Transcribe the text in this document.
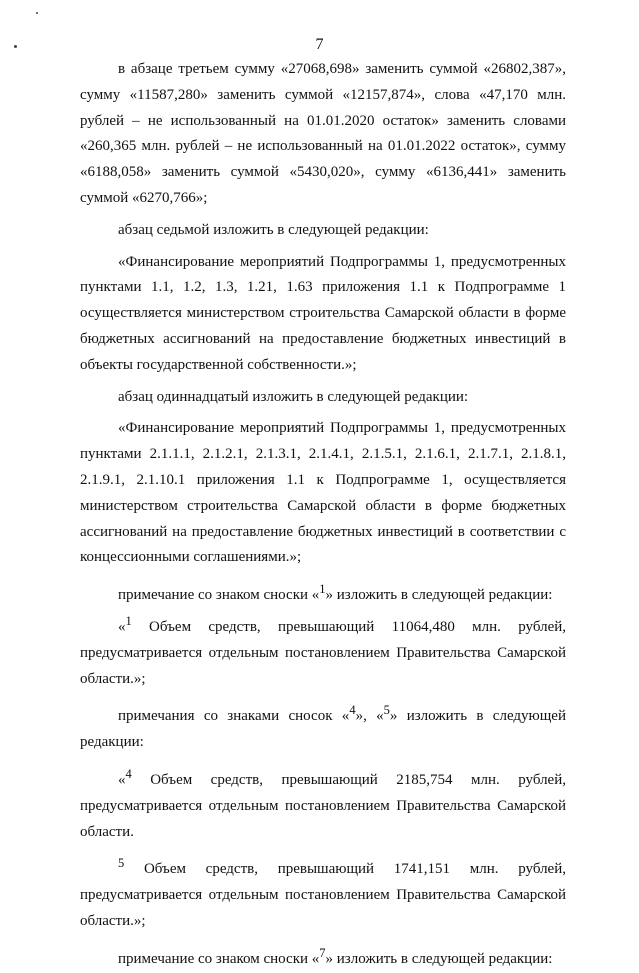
7

в абзаце третьем сумму «27068,698» заменить суммой «26802,387», сумму «11587,280» заменить суммой «12157,874», слова «47,170 млн. рублей – не использованный на 01.01.2020 остаток» заменить словами «260,365 млн. рублей – не использованный на 01.01.2022 остаток», сумму «6188,058» заменить суммой «5430,020», сумму «6136,441» заменить суммой «6270,766»;

абзац седьмой изложить в следующей редакции:

«Финансирование мероприятий Подпрограммы 1, предусмотренных пунктами 1.1, 1.2, 1.3, 1.21, 1.63 приложения 1.1 к Подпрограмме 1 осуществляется министерством строительства Самарской области в форме бюджетных ассигнований на предоставление бюджетных инвестиций в объекты государственной собственности.»;

абзац одиннадцатый изложить в следующей редакции:

«Финансирование мероприятий Подпрограммы 1, предусмотренных пунктами 2.1.1.1, 2.1.2.1, 2.1.3.1, 2.1.4.1, 2.1.5.1, 2.1.6.1, 2.1.7.1, 2.1.8.1, 2.1.9.1, 2.1.10.1 приложения 1.1 к Подпрограмме 1, осуществляется министерством строительства Самарской области в форме бюджетных ассигнований на предоставление бюджетных инвестиций в соответствии с концессионными соглашениями.»;

примечание со знаком сноски «$^1$» изложить в следующей редакции:

«$^1$ Объем средств, превышающий 11064,480 млн. рублей, предусматривается отдельным постановлением Правительства Самарской области.»;

примечания со знаками сносок «$^4$», «$^5$» изложить в следующей редакции:

«$^4$ Объем средств, превышающий 2185,754 млн. рублей, предусматривается отдельным постановлением Правительства Самарской области.

$^5$ Объем средств, превышающий 1741,151 млн. рублей, предусматривается отдельным постановлением Правительства Самарской области.»;

примечание со знаком сноски «$^7$» изложить в следующей редакции:
